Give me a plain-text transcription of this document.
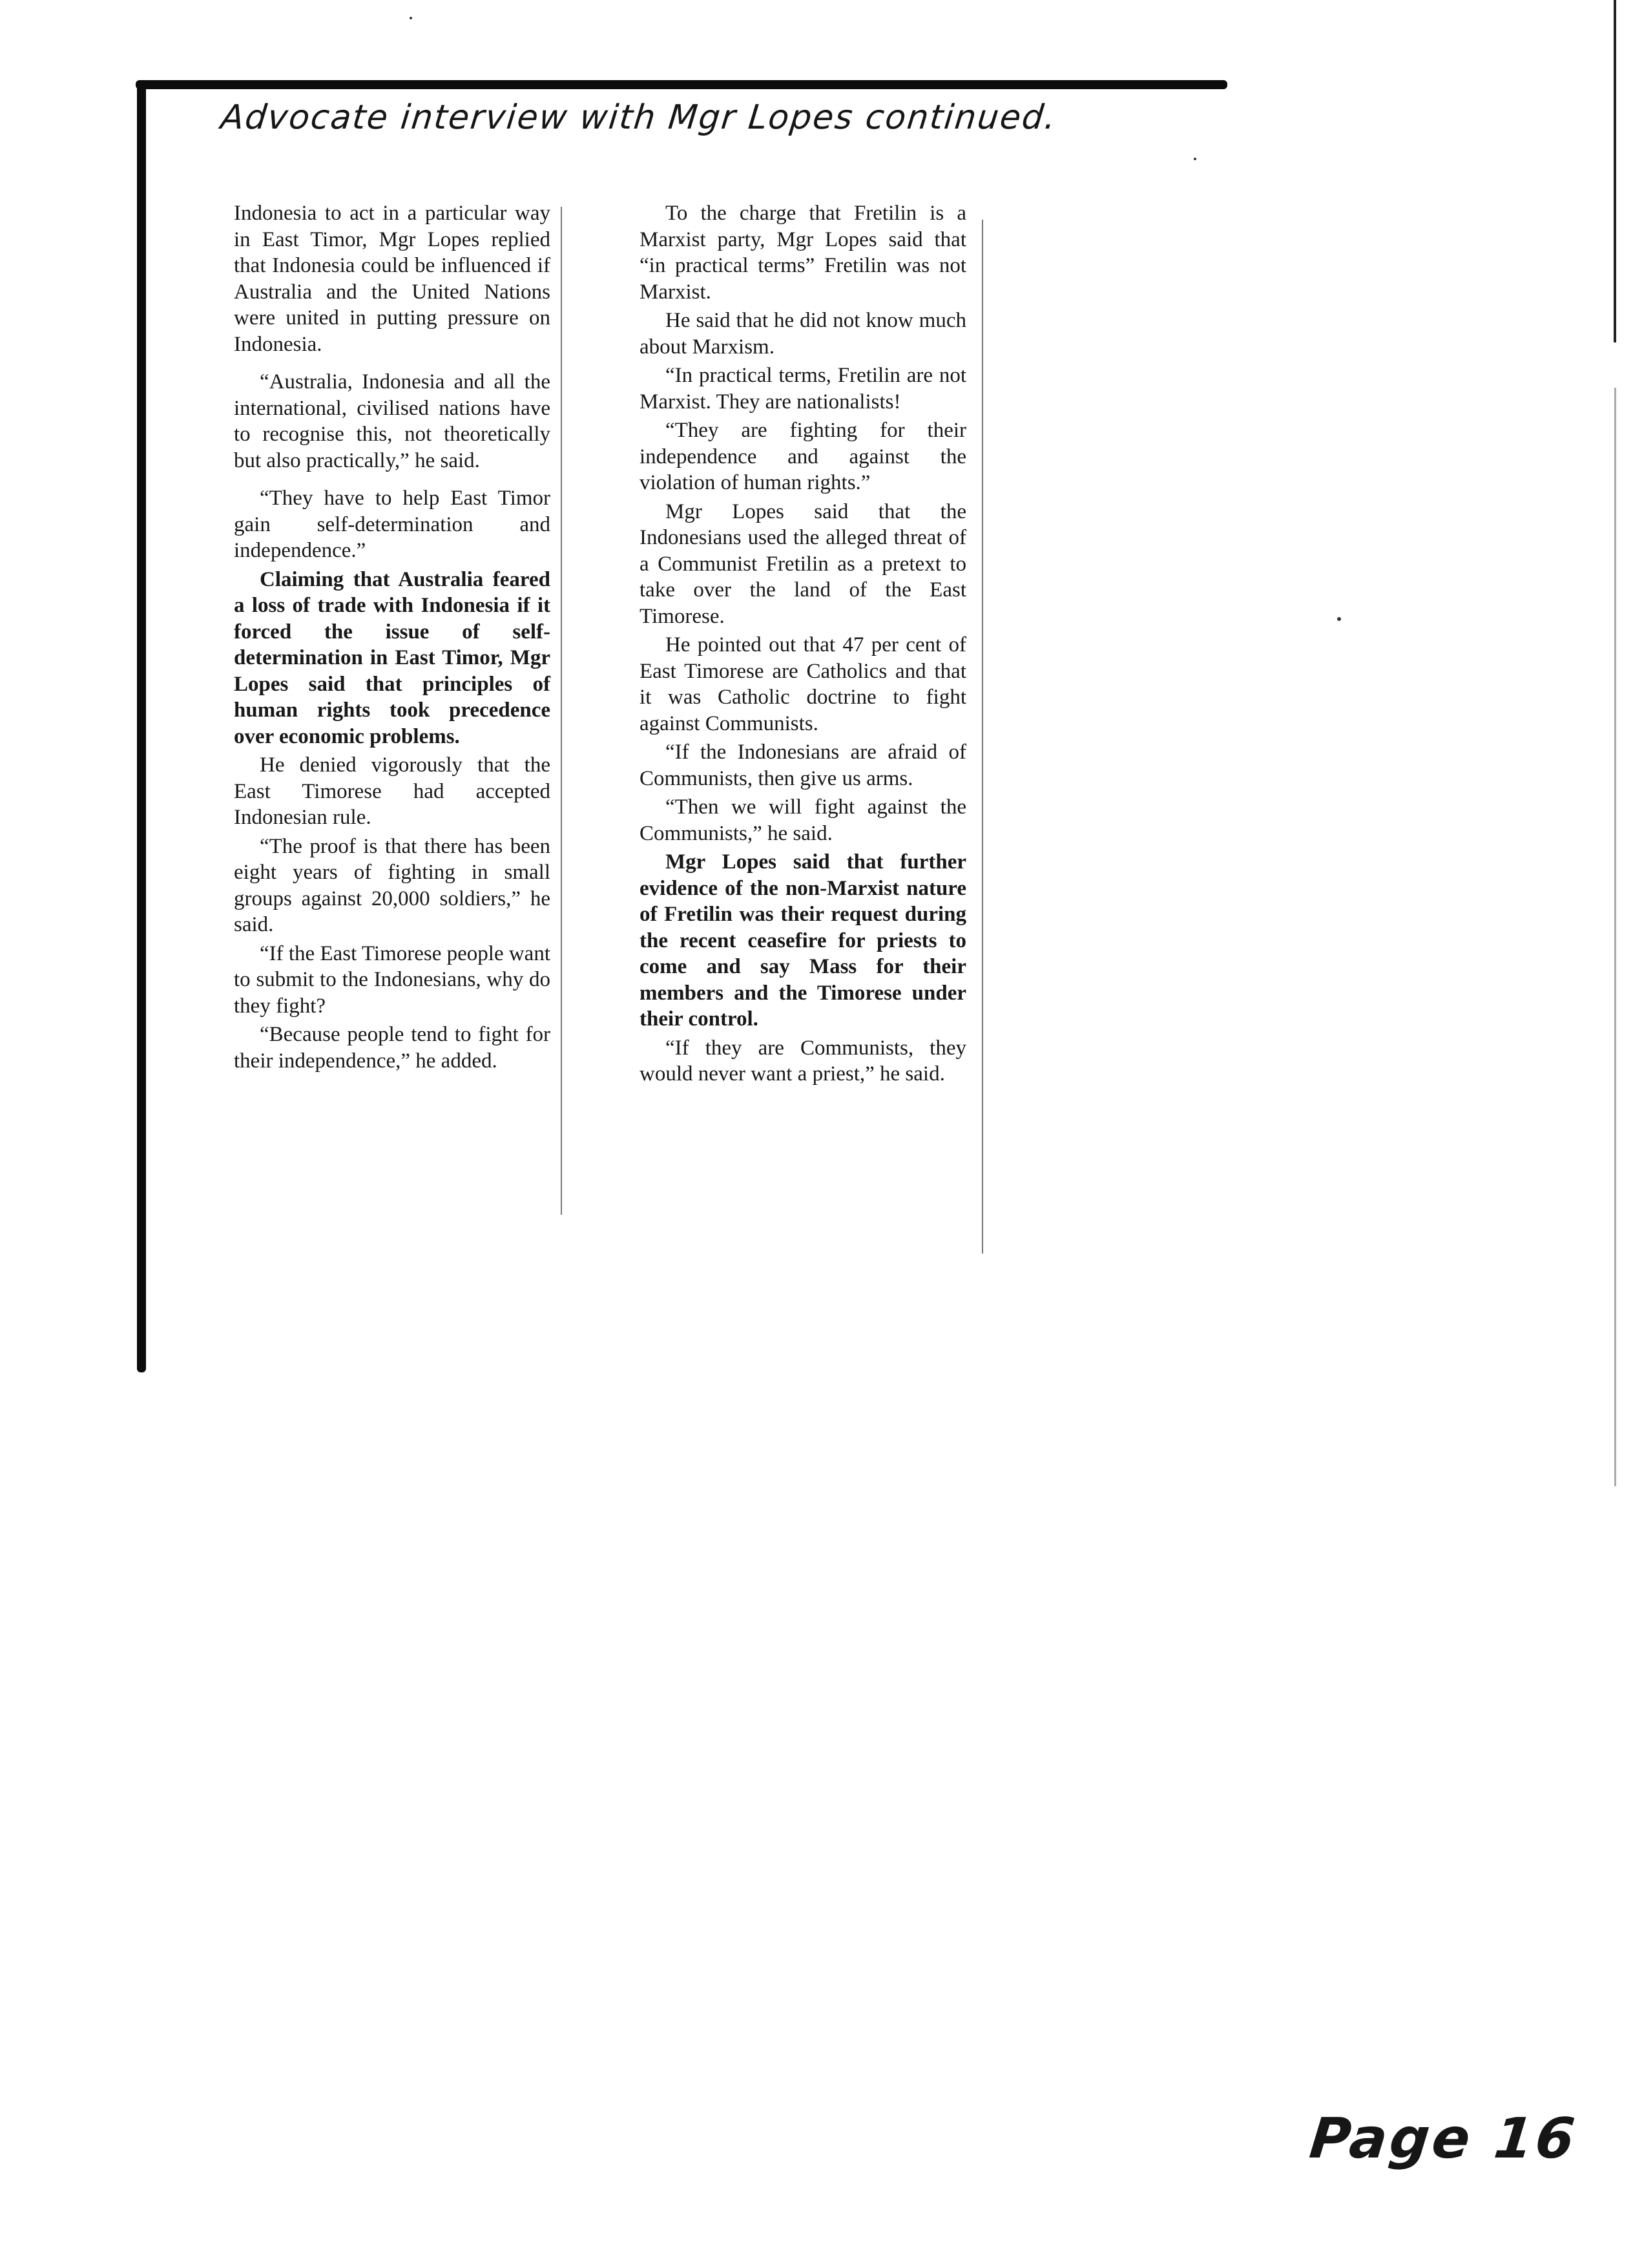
Advocate interview with Mgr Lopes continued.

Indonesia to act in a particular way in East Timor, Mgr Lopes replied that Indonesia could be influenced if Australia and the United Nations were united in putting pressure on Indonesia.

“Australia, Indonesia and all the international, civilised nations have to recognise this, not theoretically but also practically,” he said.

“They have to help East Timor gain self-determination and independence.”

Claiming that Australia feared a loss of trade with Indonesia if it forced the issue of self-determination in East Timor, Mgr Lopes said that principles of human rights took precedence over economic problems.

He denied vigorously that the East Timorese had accepted Indonesian rule.

“The proof is that there has been eight years of fighting in small groups against 20,000 soldiers,” he said.

“If the East Timorese people want to submit to the Indonesians, why do they fight?

“Because people tend to fight for their independence,” he added.

To the charge that Fretilin is a Marxist party, Mgr Lopes said that “in practical terms” Fretilin was not Marxist.

He said that he did not know much about Marxism.

“In practical terms, Fretilin are not Marxist. They are nationalists!

“They are fighting for their independence and against the violation of human rights.”

Mgr Lopes said that the Indonesians used the alleged threat of a Communist Fretilin as a pretext to take over the land of the East Timorese.

He pointed out that 47 per cent of East Timorese are Catholics and that it was Catholic doctrine to fight against Communists.

“If the Indonesians are afraid of Communists, then give us arms.

“Then we will fight against the Communists,” he said.

Mgr Lopes said that further evidence of the non-Marxist nature of Fretilin was their request during the recent ceasefire for priests to come and say Mass for their members and the Timorese under their control.

“If they are Communists, they would never want a priest,” he said.

Page 16
